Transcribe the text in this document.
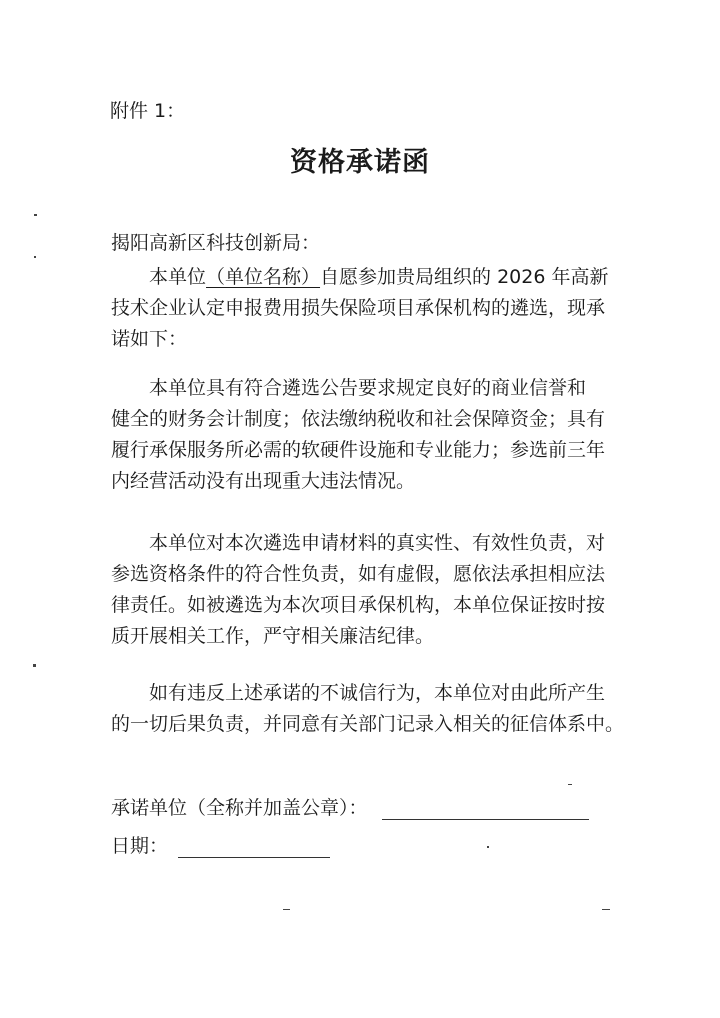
附件 1：
资格承诺函
揭阳高新区科技创新局：
本单位（单位名称）自愿参加贵局组织的 2026 年高新
技术企业认定申报费用损失保险项目承保机构的遴选，现承
诺如下：
本单位具有符合遴选公告要求规定良好的商业信誉和
健全的财务会计制度；依法缴纳税收和社会保障资金；具有
履行承保服务所必需的软硬件设施和专业能力；参选前三年
内经营活动没有出现重大违法情况。
本单位对本次遴选申请材料的真实性、有效性负责，对
参选资格条件的符合性负责，如有虚假，愿依法承担相应法
律责任。如被遴选为本次项目承保机构，本单位保证按时按
质开展相关工作，严守相关廉洁纪律。
如有违反上述承诺的不诚信行为，本单位对由此所产生
的一切后果负责，并同意有关部门记录入相关的征信体系中。
承诺单位（全称并加盖公章）：
日期：
